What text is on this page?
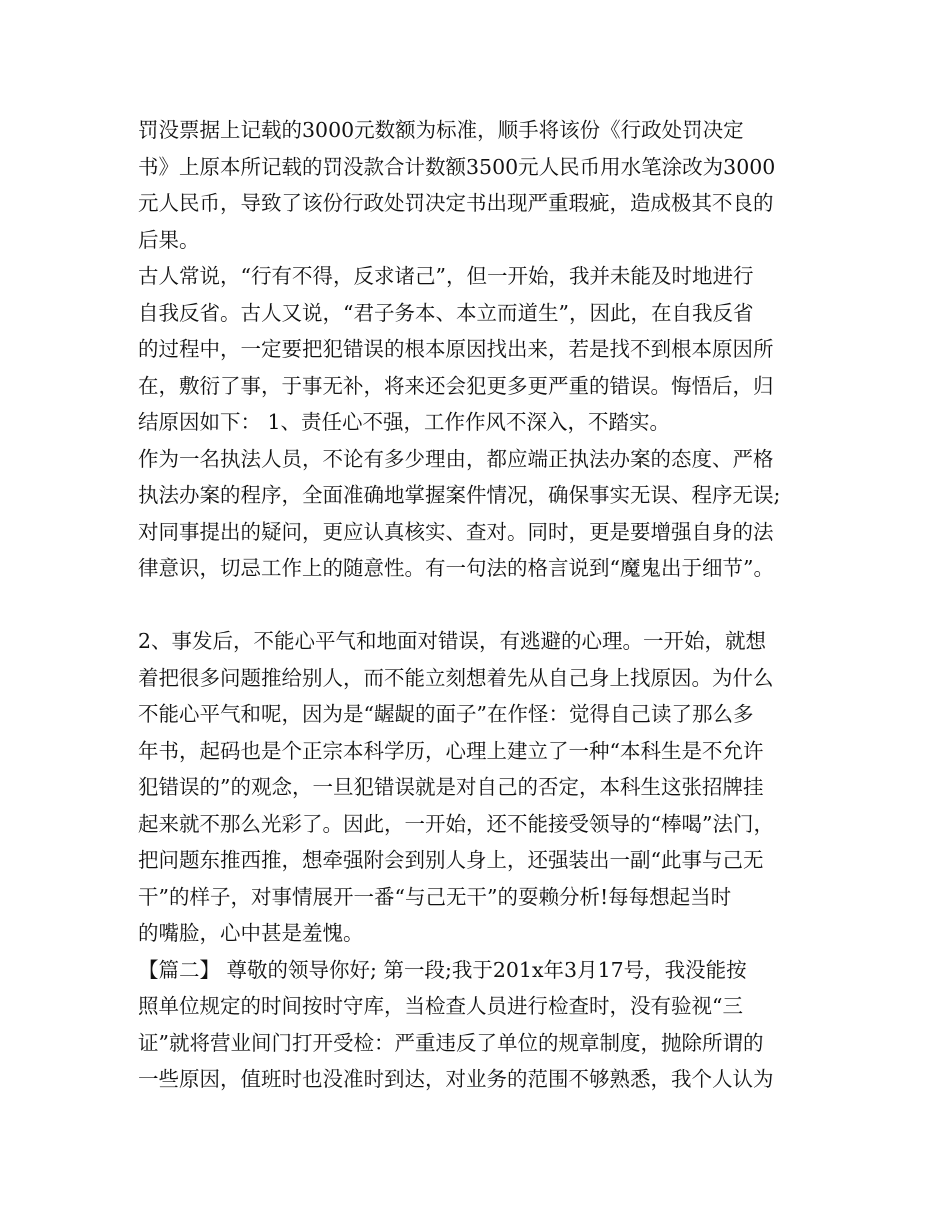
罚没票据上记载的3000元数额为标准，顺手将该份《行政处罚决定
书》上原本所记载的罚没款合计数额3500元人民币用水笔涂改为3000
元人民币，导致了该份行政处罚决定书出现严重瑕疵，造成极其不良的
后果。

古人常说，“行有不得，反求诸己”，但一开始，我并未能及时地进行
自我反省。古人又说，“君子务本、本立而道生”，因此，在自我反省
的过程中，一定要把犯错误的根本原因找出来，若是找不到根本原因所
在，敷衍了事，于事无补，将来还会犯更多更严重的错误。悔悟后，归
结原因如下： 1、责任心不强，工作作风不深入，不踏实。

作为一名执法人员，不论有多少理由，都应端正执法办案的态度、严格
执法办案的程序，全面准确地掌握案件情况，确保事实无误、程序无误;
对同事提出的疑问，更应认真核实、查对。同时，更是要增强自身的法
律意识，切忌工作上的随意性。有一句法的格言说到“魔鬼出于细节”。

2、事发后，不能心平气和地面对错误，有逃避的心理。一开始，就想
着把很多问题推给别人，而不能立刻想着先从自己身上找原因。为什么
不能心平气和呢，因为是“龌龊的面子”在作怪：觉得自己读了那么多
年书，起码也是个正宗本科学历，心理上建立了一种“本科生是不允许
犯错误的”的观念，一旦犯错误就是对自己的否定，本科生这张招牌挂
起来就不那么光彩了。因此，一开始，还不能接受领导的“棒喝”法门，
把问题东推西推，想牵强附会到别人身上，还强装出一副“此事与己无
干”的样子，对事情展开一番“与己无干”的耍赖分析!每每想起当时
的嘴脸，心中甚是羞愧。

【篇二】 尊敬的领导你好; 第一段;我于201x年3月17号，我没能按
照单位规定的时间按时守库，当检查人员进行检查时，没有验视“三
证”就将营业间门打开受检：严重违反了单位的规章制度，抛除所谓的
一些原因，值班时也没准时到达，对业务的范围不够熟悉，我个人认为
